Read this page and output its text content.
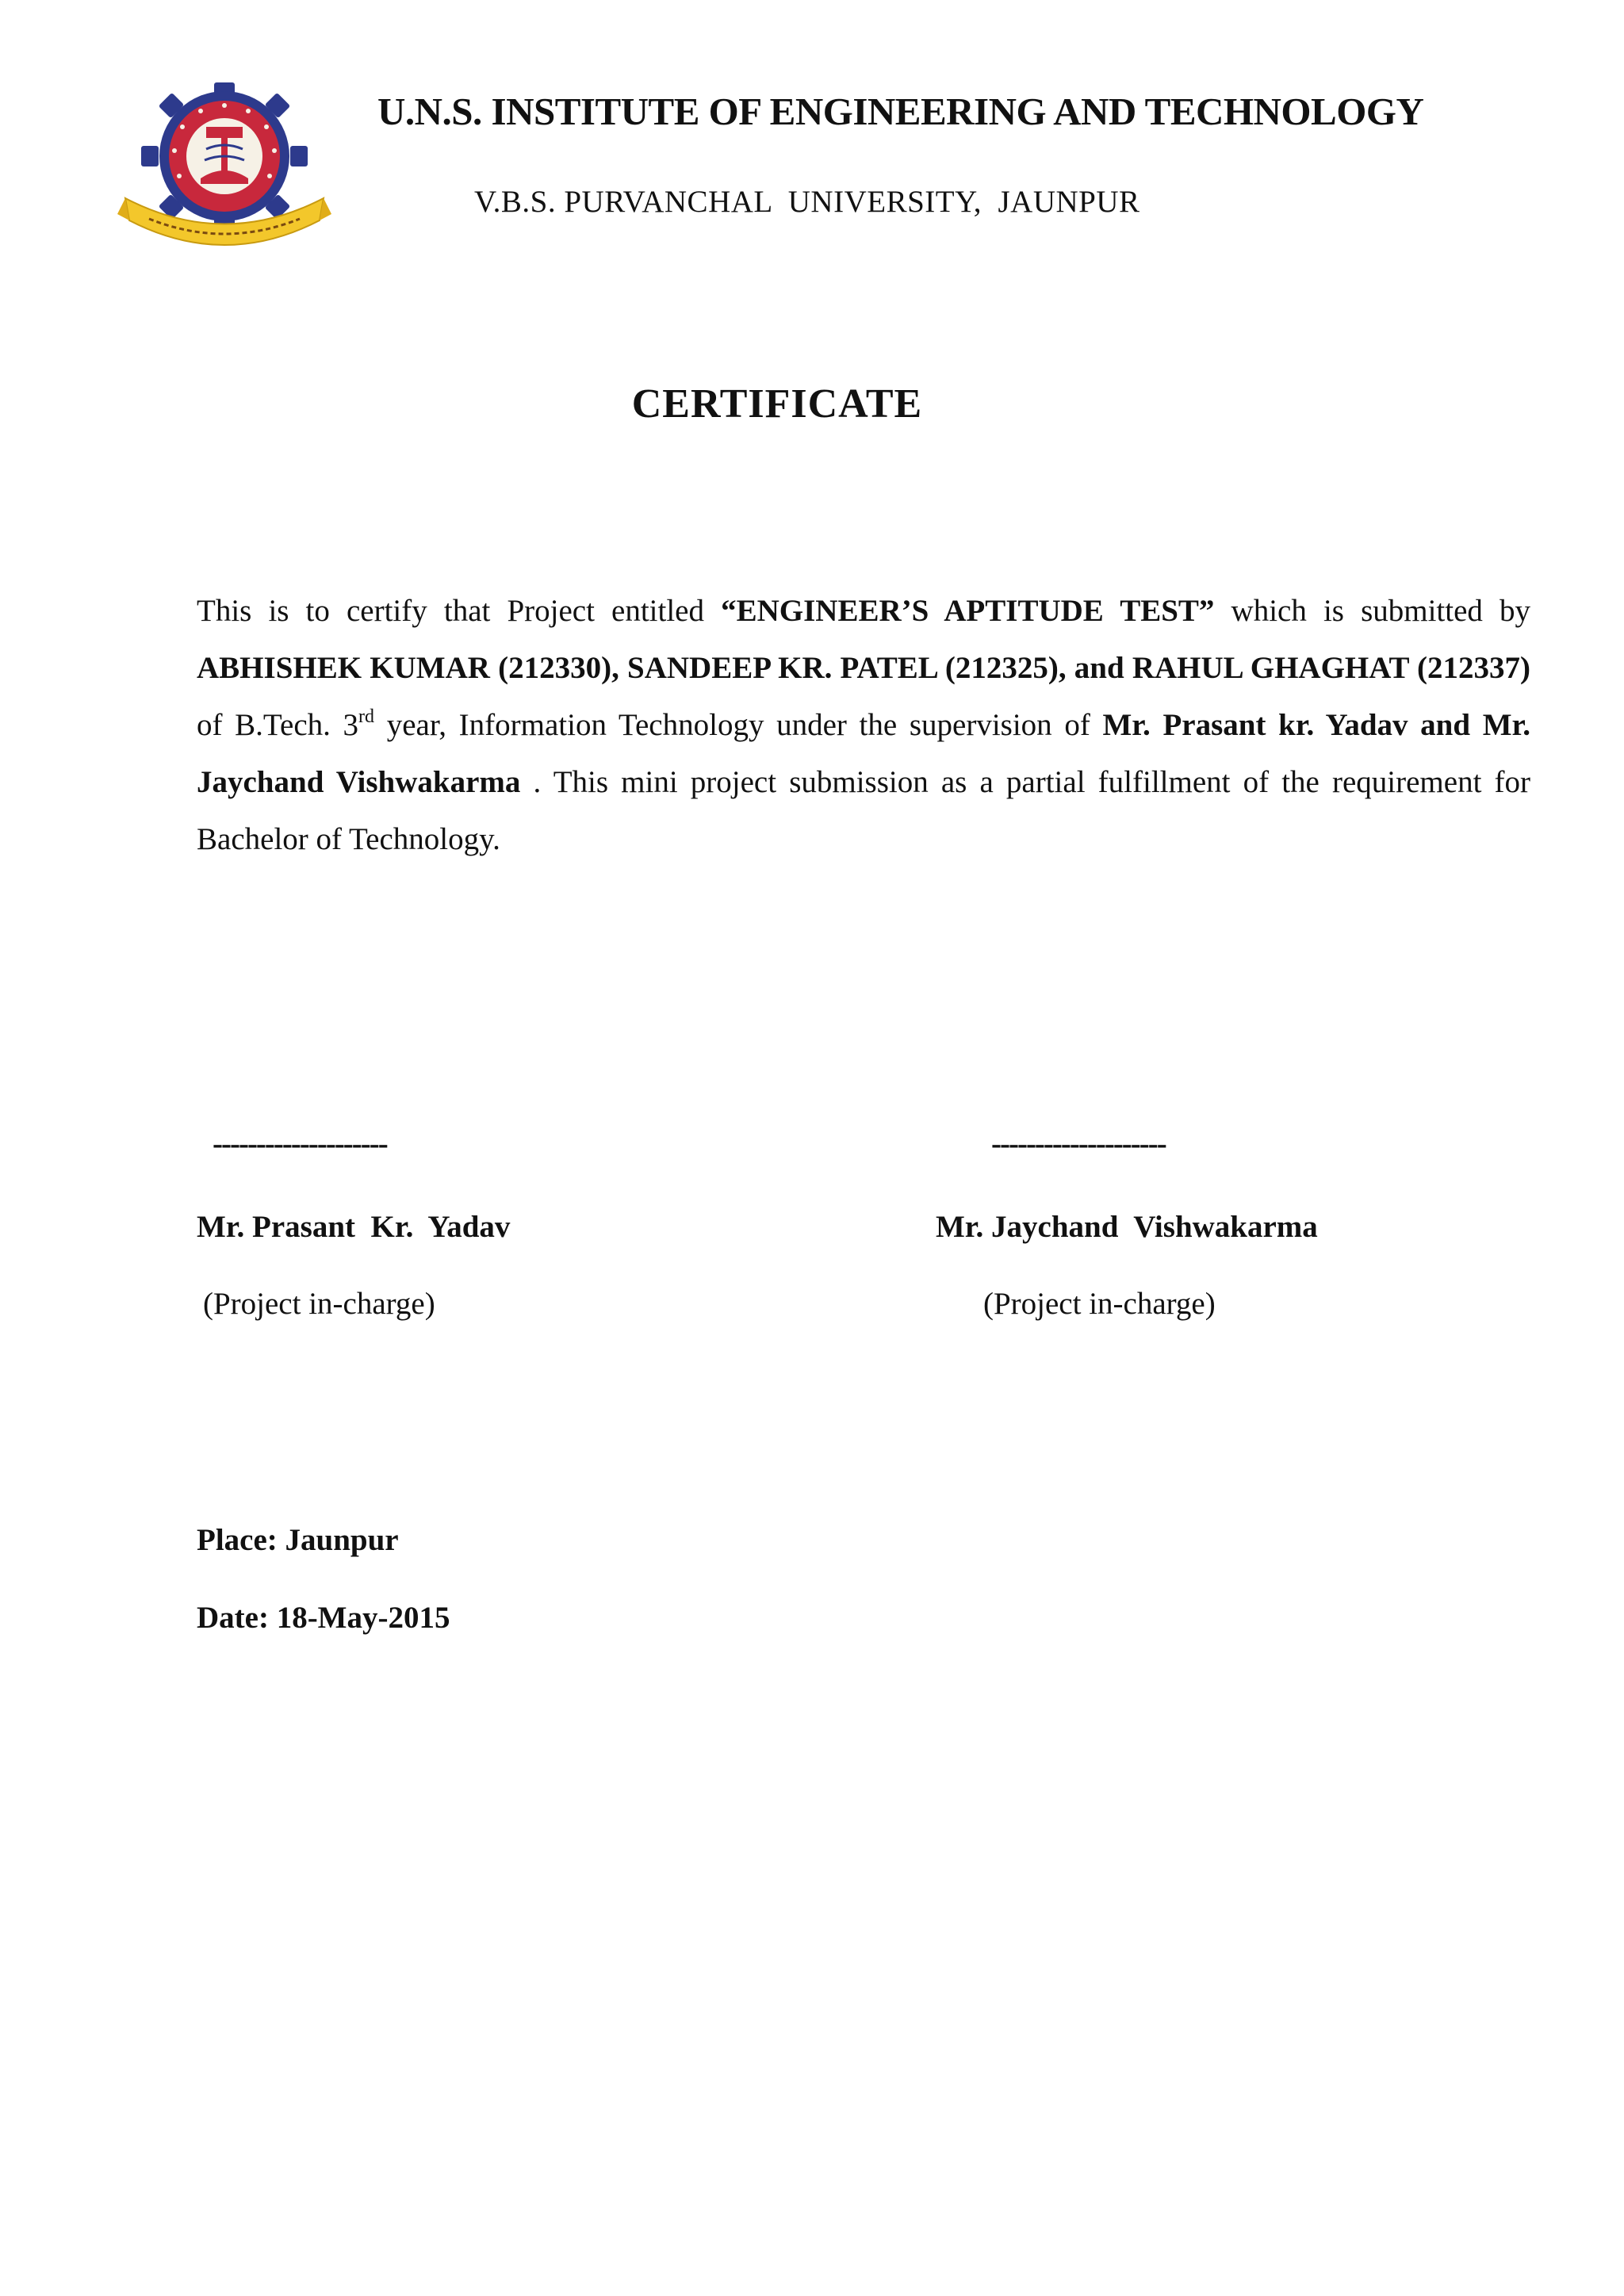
U.N.S. INSTITUTE OF ENGINEERING AND TECHNOLOGY
V.B.S. PURVANCHAL  UNIVERSITY,  JAUNPUR
CERTIFICATE
This is to certify that Project entitled “ENGINEER’S APTITUDE TEST” which is submitted by ABHISHEK KUMAR (212330), SANDEEP KR. PATEL (212325), and RAHUL GHAGHAT (212337) of B.Tech. 3rd year, Information Technology under the supervision of Mr. Prasant kr. Yadav and Mr. Jaychand Vishwakarma . This mini project submission as a partial fulfillment of the requirement for Bachelor of Technology.
--------------------	--------------------
Mr. Prasant  Kr.  Yadav	Mr. Jaychand  Vishwakarma
(Project in-charge)	(Project in-charge)
Place: Jaunpur
Date: 18-May-2015
